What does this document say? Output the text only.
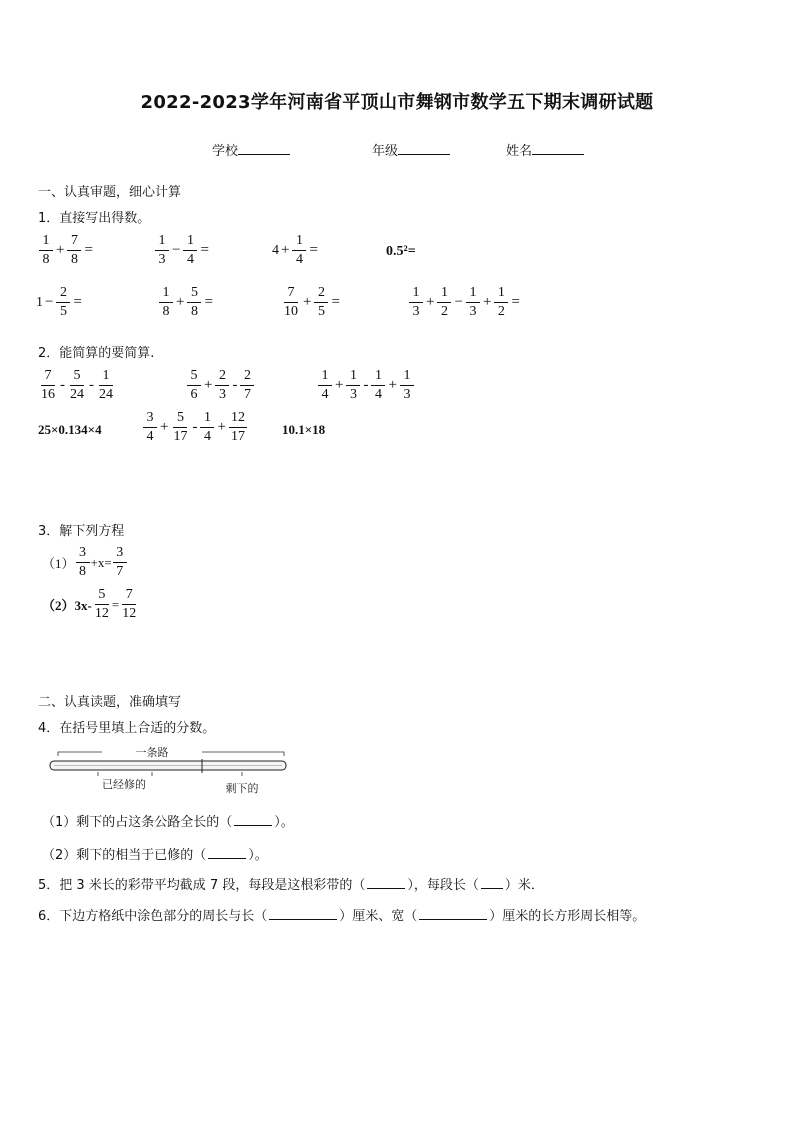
2022-2023学年河南省平顶山市舞钢市数学五下期末调研试题
学校	年级	姓名
一、认真审题，细心计算
1．直接写出得数。
$\frac{1}{8} + \frac{7}{8}$ =	$\frac{1}{3} - \frac{1}{4}$ =	$4 + \frac{1}{4}$ =	0.5²=
$1 - \frac{2}{5}$ =	$\frac{1}{8} + \frac{5}{8}$ =	$\frac{7}{10} + \frac{2}{5}$ =	$\frac{1}{3} + \frac{1}{2} - \frac{1}{3} + \frac{1}{2}$ =
2．能简算的要简算.
$\frac{7}{16} - \frac{5}{24} - \frac{1}{24}$	$\frac{5}{6} + \frac{2}{3} - \frac{2}{7}$	$\frac{1}{4} + \frac{1}{3} - \frac{1}{4} + \frac{1}{3}$
25×0.134×4	$\frac{3}{4} + \frac{5}{17} - \frac{1}{4} + \frac{12}{17}$	10.1×18
3．解下列方程
$(1) \frac{3}{8} +x= \frac{3}{7}$
$(2)3x- \frac{5}{12} = \frac{7}{12}$
二、认真读题，准确填写
4．在括号里填上合适的分数。
一条路
已经修的	剩下的
（1）剩下的占这条公路全长的（	）。
（2）剩下的相当于已修的（	）。
5．把 3 米长的彩带平均截成 7 段，每段是这根彩带的（	），每段长（ ）米．
6．下边方格纸中涂色部分的周长与长（	）厘米、宽（	）厘米的长方形周长相等。
